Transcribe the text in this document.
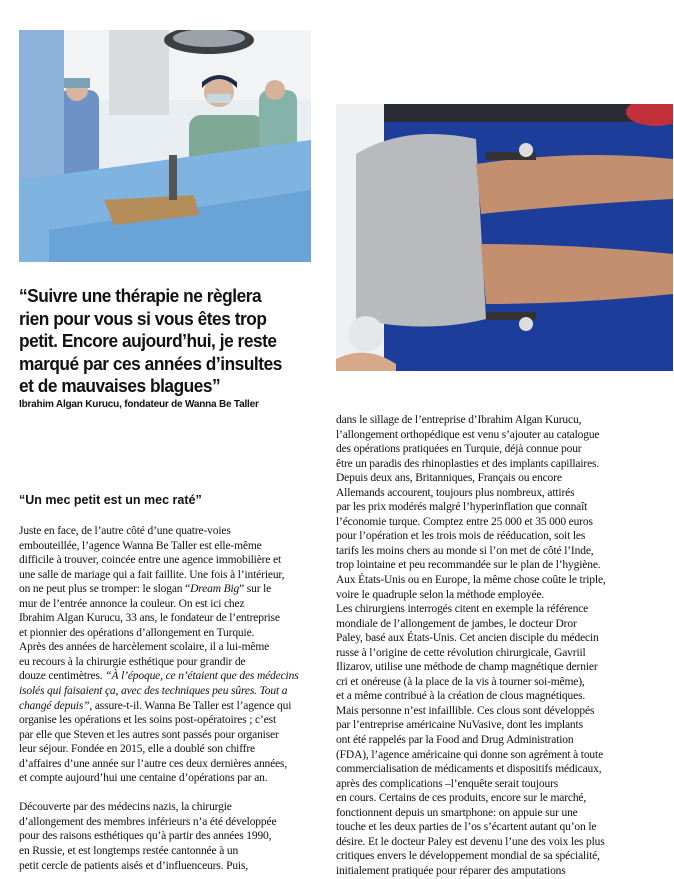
“Suivre une thérapie ne règlera
rien pour vous si vous êtes trop
petit. Encore aujourd’hui, je reste
marqué par ces années d’insultes
et de mauvaises blagues”

Ibrahim Algan Kurucu, fondateur de Wanna Be Taller
“Un mec petit est un mec raté”
Juste en face, de l’autre côté d’une quatre-voies
embouteillée, l’agence Wanna Be Taller est elle-même
difficile à trouver, coincée entre une agence immobilière et
une salle de mariage qui a fait faillite. Une fois à l’intérieur,
on ne peut plus se tromper: le slogan “Dream Big” sur le
mur de l’entrée annonce la couleur. On est ici chez
Ibrahim Algan Kurucu, 33 ans, le fondateur de l’entreprise
et pionnier des opérations d’allongement en Turquie.
Après des années de harcèlement scolaire, il a lui-même
eu recours à la chirurgie esthétique pour grandir de
douze centimètres. “À l’époque, ce n’étaient que des médecins
isolés qui faisaient ça, avec des techniques peu sûres. Tout a
changé depuis”, assure-t-il. Wanna Be Taller est l’agence qui
organise les opérations et les soins post-opératoires ; c’est
par elle que Steven et les autres sont passés pour organiser
leur séjour. Fondée en 2015, elle a doublé son chiffre
d’affaires d’une année sur l’autre ces deux dernières années,
et compte aujourd’hui une centaine d’opérations par an.
Découverte par des médecins nazis, la chirurgie
d’allongement des membres inférieurs n’a été développée
pour des raisons esthétiques qu’à partir des années 1990,
en Russie, et est longtemps restée cantonnée à un
petit cercle de patients aisés et d’influenceurs. Puis,
dans le sillage de l’entreprise d’Ibrahim Algan Kurucu,
l’allongement orthopédique est venu s’ajouter au catalogue
des opérations pratiquées en Turquie, déjà connue pour
être un paradis des rhinoplasties et des implants capillaires.
Depuis deux ans, Britanniques, Français ou encore
Allemands accourent, toujours plus nombreux, attirés
par les prix modérés malgré l’hyperinflation que connaît
l’économie turque. Comptez entre 25 000 et 35 000 euros
pour l’opération et les trois mois de rééducation, soit les
tarifs les moins chers au monde si l’on met de côté l’Inde,
trop lointaine et peu recommandée sur le plan de l’hygiène.
Aux États-Unis ou en Europe, la même chose coûte le triple,
voire le quadruple selon la méthode employée.
Les chirurgiens interrogés citent en exemple la référence
mondiale de l’allongement de jambes, le docteur Dror
Paley, basé aux États-Unis. Cet ancien disciple du médecin
russe à l’origine de cette révolution chirurgicale, Gavriil
Ilizarov, utilise une méthode de champ magnétique dernier
cri et onéreuse (à la place de la vis à tourner soi-même),
et a même contribué à la création de clous magnétiques.
Mais personne n’est infaillible. Ces clous sont développés
par l’entreprise américaine NuVasive, dont les implants
ont été rappelés par la Food and Drug Administration
(FDA), l’agence américaine qui donne son agrément à toute
commercialisation de médicaments et dispositifs médicaux,
après des complications –l’enquête serait toujours
en cours. Certains de ces produits, encore sur le marché,
fonctionnent depuis un smartphone: on appuie sur une
touche et les deux parties de l’os s’écartent autant qu’on le
désire. Et le docteur Paley est devenu l’une des voix les plus
critiques envers le développement mondial de sa spécialité,
initialement pratiquée pour réparer des amputations
